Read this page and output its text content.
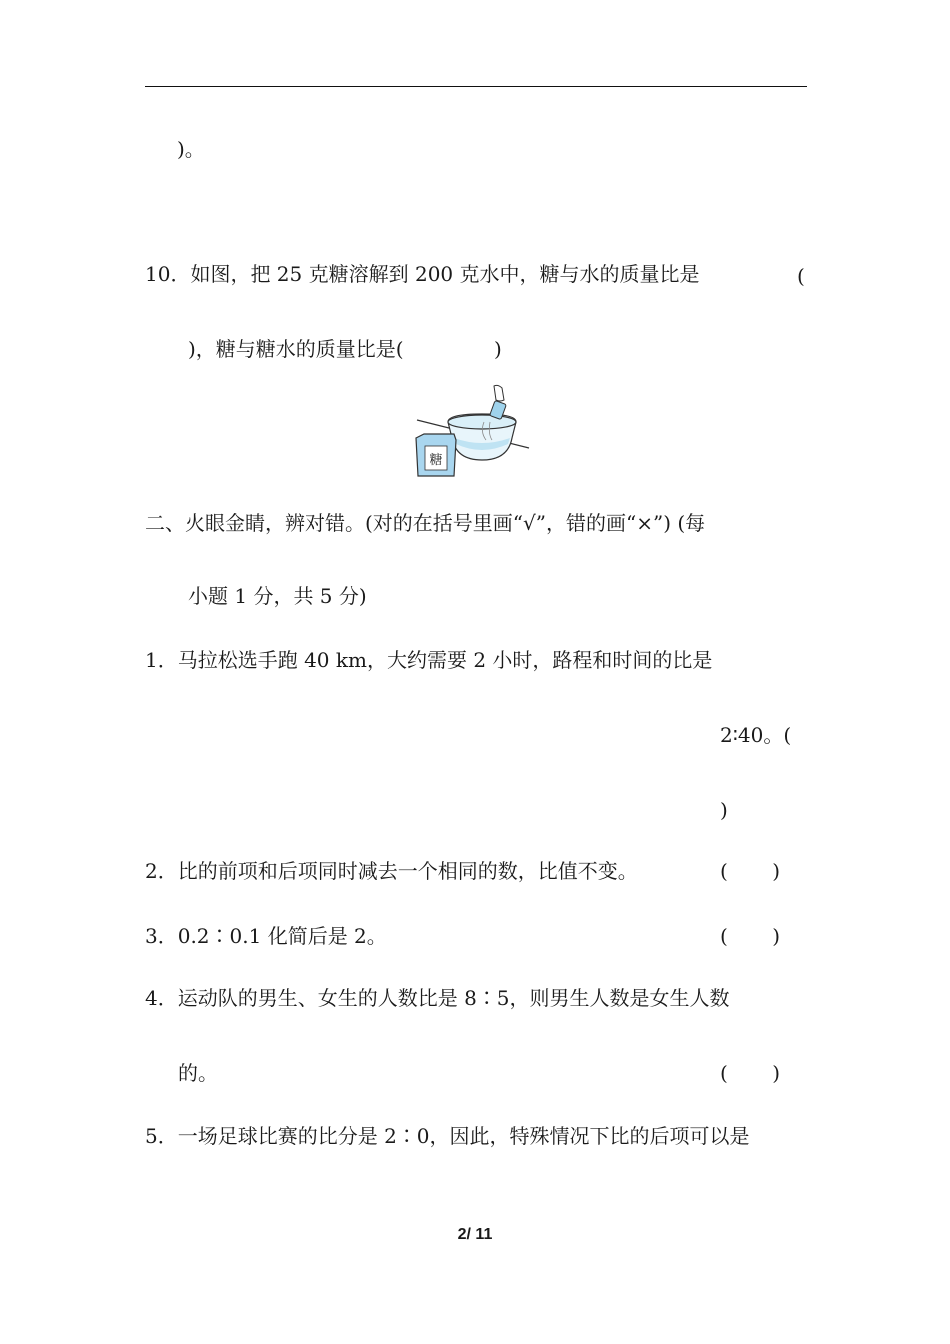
)。
10．如图，把 25 克糖溶解到 200 克水中，糖与水的质量比是	(
)，糖与糖水的质量比是(	)
糖
二、火眼金睛，辨对错。(对的在括号里画“√”，错的画“×”) (每
小题 1 分，共 5 分)
1．马拉松选手跑 40 km，大约需要 2 小时，路程和时间的比是
2∶40。(
)
2．比的前项和后项同时减去一个相同的数，比值不变。	( )
3．0.2∶0.1 化简后是 2。	( )
4．运动队的男生、女生的人数比是 8∶5，则男生人数是女生人数
的。	( )
5．一场足球比赛的比分是 2∶0，因此，特殊情况下比的后项可以是
2/ 11
